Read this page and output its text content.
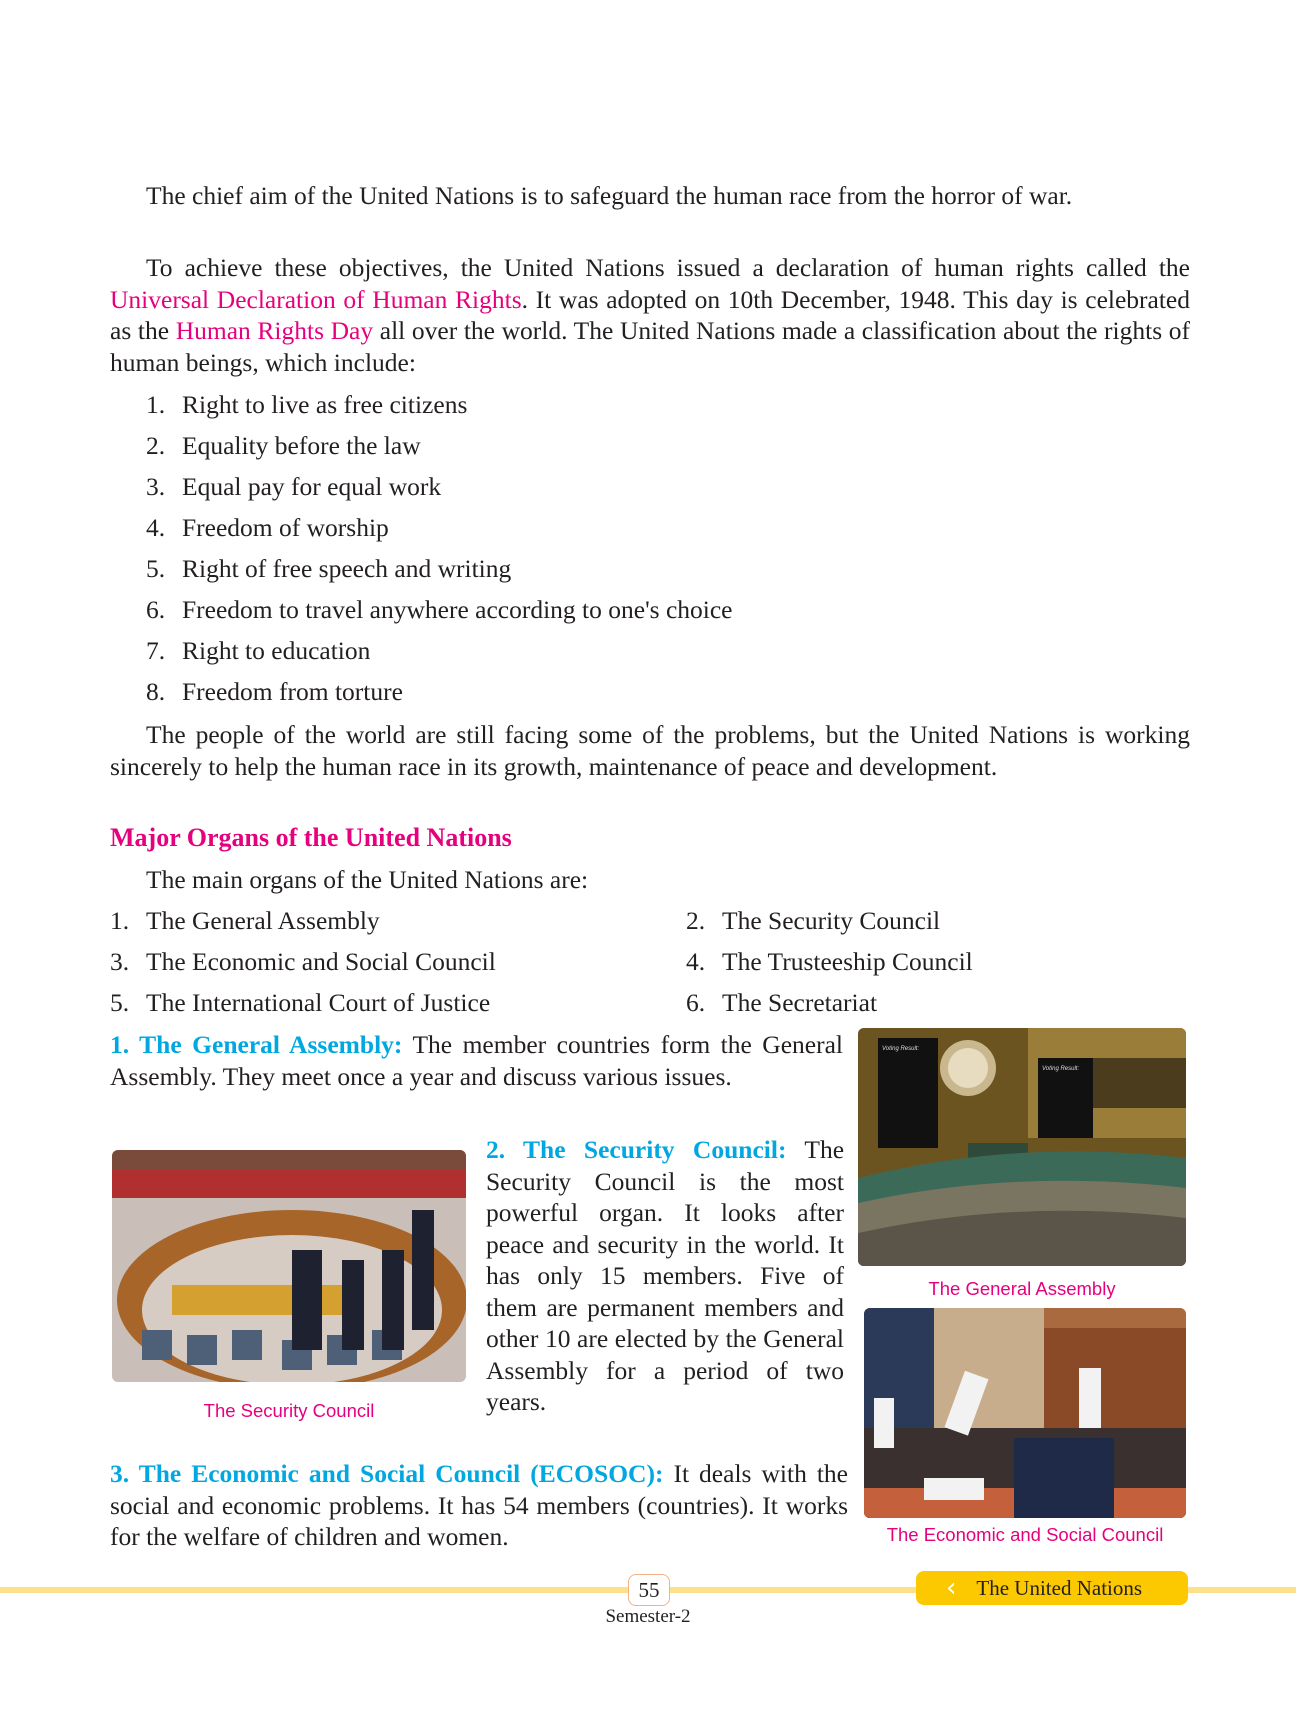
The chief aim of the United Nations is to safeguard the human race from the horror of war.
To achieve these objectives, the United Nations issued a declaration of human rights called the Universal Declaration of Human Rights. It was adopted on 10th December, 1948. This day is celebrated as the Human Rights Day all over the world. The United Nations made a classification about the rights of human beings, which include:
1. Right to live as free citizens
2. Equality before the law
3. Equal pay for equal work
4. Freedom of worship
5. Right of free speech and writing
6. Freedom to travel anywhere according to one's choice
7. Right to education
8. Freedom from torture
The people of the world are still facing some of the problems, but the United Nations is working sincerely to help the human race in its growth, maintenance of peace and development.
Major Organs of the United Nations
The main organs of the United Nations are:
1. The General Assembly	2. The Security Council
3. The Economic and Social Council	4. The Trusteeship Council
5. The International Court of Justice	6. The Secretariat
1. The General Assembly: The member countries form the General Assembly. They meet once a year and discuss various issues.
Voting Result:
Voting Result:
The General Assembly
The Security Council
2. The Security Council: The Security Council is the most powerful organ. It looks after peace and security in the world. It has only 15 members. Five of them are permanent members and other 10 are elected by the General Assembly for a period of two years.
The Economic and Social Council
3. The Economic and Social Council (ECOSOC): It deals with the social and economic problems. It has 54 members (countries). It works for the welfare of children and women.
55
Semester-2
‹ The United Nations
